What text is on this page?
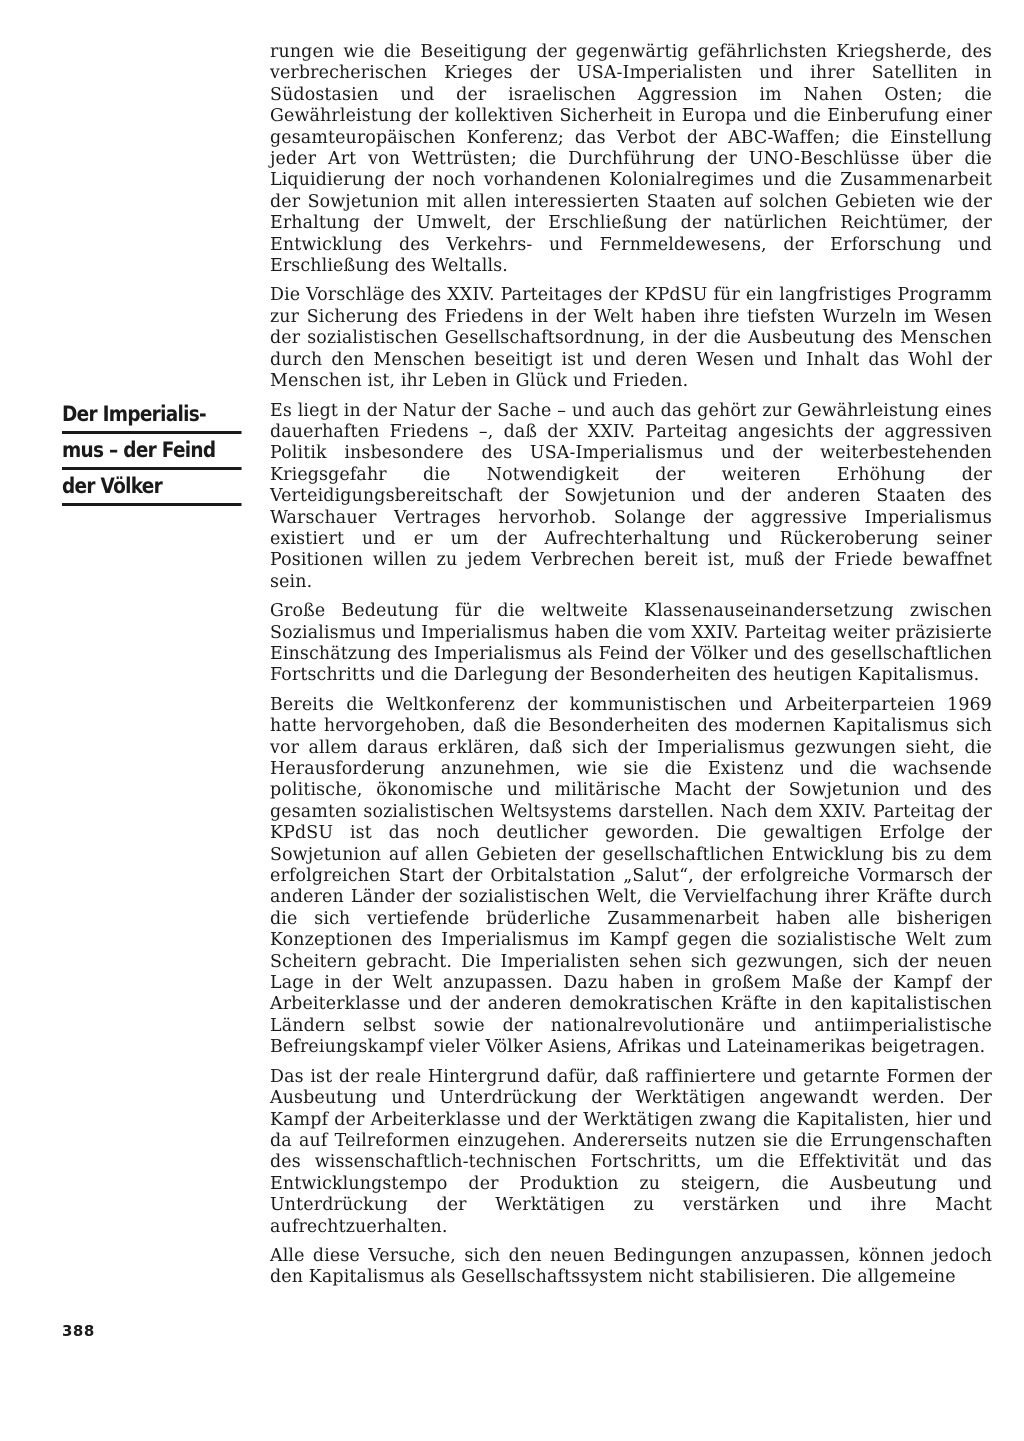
Der Imperialis-
mus – der Feind
der Völker

rungen wie die Beseitigung der gegenwärtig gefährlichsten Kriegsherde, des verbrecherischen Krieges der USA-Imperialisten und ihrer Satelliten in Südostasien und der israelischen Aggression im Nahen Osten; die Gewährleistung der kollektiven Sicherheit in Europa und die Einberufung einer gesamteuropäischen Konferenz; das Verbot der ABC-Waffen; die Einstellung jeder Art von Wettrüsten; die Durchführung der UNO-Beschlüsse über die Liquidierung der noch vorhandenen Kolonialregimes und die Zusammenarbeit der Sowjetunion mit allen interessierten Staaten auf solchen Gebieten wie der Erhaltung der Umwelt, der Erschließung der natürlichen Reichtümer, der Entwicklung des Verkehrs- und Fernmeldewesens, der Erforschung und Erschließung des Weltalls.

Die Vorschläge des XXIV. Parteitages der KPdSU für ein langfristiges Programm zur Sicherung des Friedens in der Welt haben ihre tiefsten Wurzeln im Wesen der sozialistischen Gesellschaftsordnung, in der die Ausbeutung des Menschen durch den Menschen beseitigt ist und deren Wesen und Inhalt das Wohl der Menschen ist, ihr Leben in Glück und Frieden.

Es liegt in der Natur der Sache – und auch das gehört zur Gewährleistung eines dauerhaften Friedens –, daß der XXIV. Parteitag angesichts der aggressiven Politik insbesondere des USA-Imperialismus und der weiterbestehenden Kriegsgefahr die Notwendigkeit der weiteren Erhöhung der Verteidigungsbereitschaft der Sowjetunion und der anderen Staaten des Warschauer Vertrages hervorhob. Solange der aggressive Imperialismus existiert und er um der Aufrechterhaltung und Rückeroberung seiner Positionen willen zu jedem Verbrechen bereit ist, muß der Friede bewaffnet sein.

Große Bedeutung für die weltweite Klassenauseinandersetzung zwischen Sozialismus und Imperialismus haben die vom XXIV. Parteitag weiter präzisierte Einschätzung des Imperialismus als Feind der Völker und des gesellschaftlichen Fortschritts und die Darlegung der Besonderheiten des heutigen Kapitalismus.

Bereits die Weltkonferenz der kommunistischen und Arbeiterparteien 1969 hatte hervorgehoben, daß die Besonderheiten des modernen Kapitalismus sich vor allem daraus erklären, daß sich der Imperialismus gezwungen sieht, die Herausforderung anzunehmen, wie sie die Existenz und die wachsende politische, ökonomische und militärische Macht der Sowjetunion und des gesamten sozialistischen Weltsystems darstellen. Nach dem XXIV. Parteitag der KPdSU ist das noch deutlicher geworden. Die gewaltigen Erfolge der Sowjetunion auf allen Gebieten der gesellschaftlichen Entwicklung bis zu dem erfolgreichen Start der Orbitalstation „Salut“, der erfolgreiche Vormarsch der anderen Länder der sozialistischen Welt, die Vervielfachung ihrer Kräfte durch die sich vertiefende brüderliche Zusammenarbeit haben alle bisherigen Konzeptionen des Imperialismus im Kampf gegen die sozialistische Welt zum Scheitern gebracht. Die Imperialisten sehen sich gezwungen, sich der neuen Lage in der Welt anzupassen. Dazu haben in großem Maße der Kampf der Arbeiterklasse und der anderen demokratischen Kräfte in den kapitalistischen Ländern selbst sowie der nationalrevolutionäre und antiimperialistische Befreiungskampf vieler Völker Asiens, Afrikas und Lateinamerikas beigetragen.

Das ist der reale Hintergrund dafür, daß raffiniertere und getarnte Formen der Ausbeutung und Unterdrückung der Werktätigen angewandt werden. Der Kampf der Arbeiterklasse und der Werktätigen zwang die Kapitalisten, hier und da auf Teilreformen einzugehen. Andererseits nutzen sie die Errungenschaften des wissenschaftlich-technischen Fortschritts, um die Effektivität und das Entwicklungstempo der Produktion zu steigern, die Ausbeutung und Unterdrückung der Werktätigen zu verstärken und ihre Macht aufrechtzuerhalten.

Alle diese Versuche, sich den neuen Bedingungen anzupassen, können jedoch den Kapitalismus als Gesellschaftssystem nicht stabilisieren. Die allgemeine

388
